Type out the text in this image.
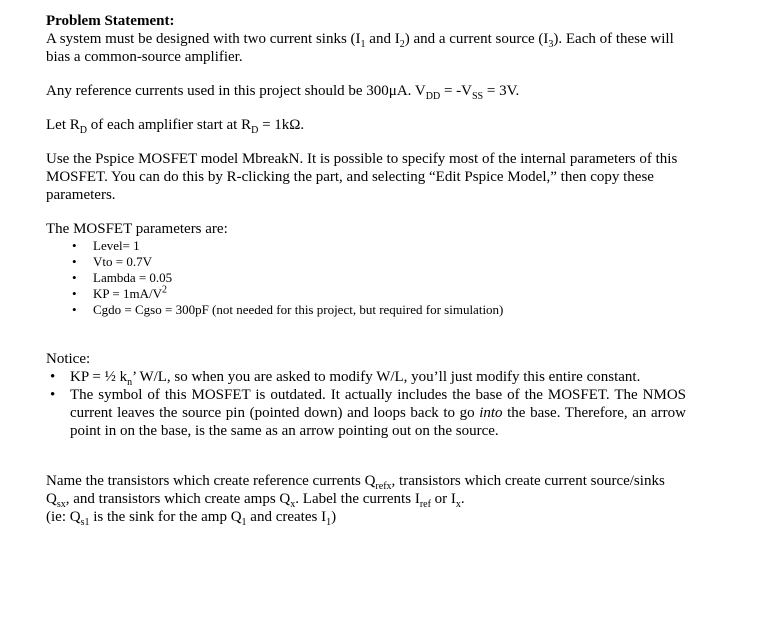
Problem Statement:

A system must be designed with two current sinks ($I_1$ and $I_2$) and a current source $(I_3)$. Each of these will bias a common-source amplifier.

Any reference currents used in this project should be 300μA. $V_{DD} = -V_{SS} = 3V$.

Let $R_D$ of each amplifier start at $R_D = 1k\Omega$.

Use the Pspice MOSFET model MbreakN. It is possible to specify most of the internal parameters of this MOSFET. You can do this by R-clicking the part, and selecting “Edit Pspice Model,” then copy these parameters.

The MOSFET parameters are:

• Level= 1
• Vto = 0.7V
• Lambda = 0.05
• KP = $1mA/V^2$
• Cgdo = Cgso = 300pF (not needed for this project, but required for simulation)

Notice:

• KP = ½ $k_n$’ W/L, so when you are asked to modify W/L, you’ll just modify this entire constant.
• The symbol of this MOSFET is outdated. It actually includes the base of the MOSFET. The NMOS current leaves the source pin (pointed down) and loops back to go into the base. Therefore, an arrow point in on the base, is the same as an arrow pointing out on the source.

Name the transistors which create reference currents $Q_{refx}$, transistors which create current source/sinks $Q_{sx}$, and transistors which create amps $Q_x$. Label the currents $I_{ref}$ or $I_x$.

(ie: $Q_{s1}$ is the sink for the amp $Q_1$ and creates $I_1$)
